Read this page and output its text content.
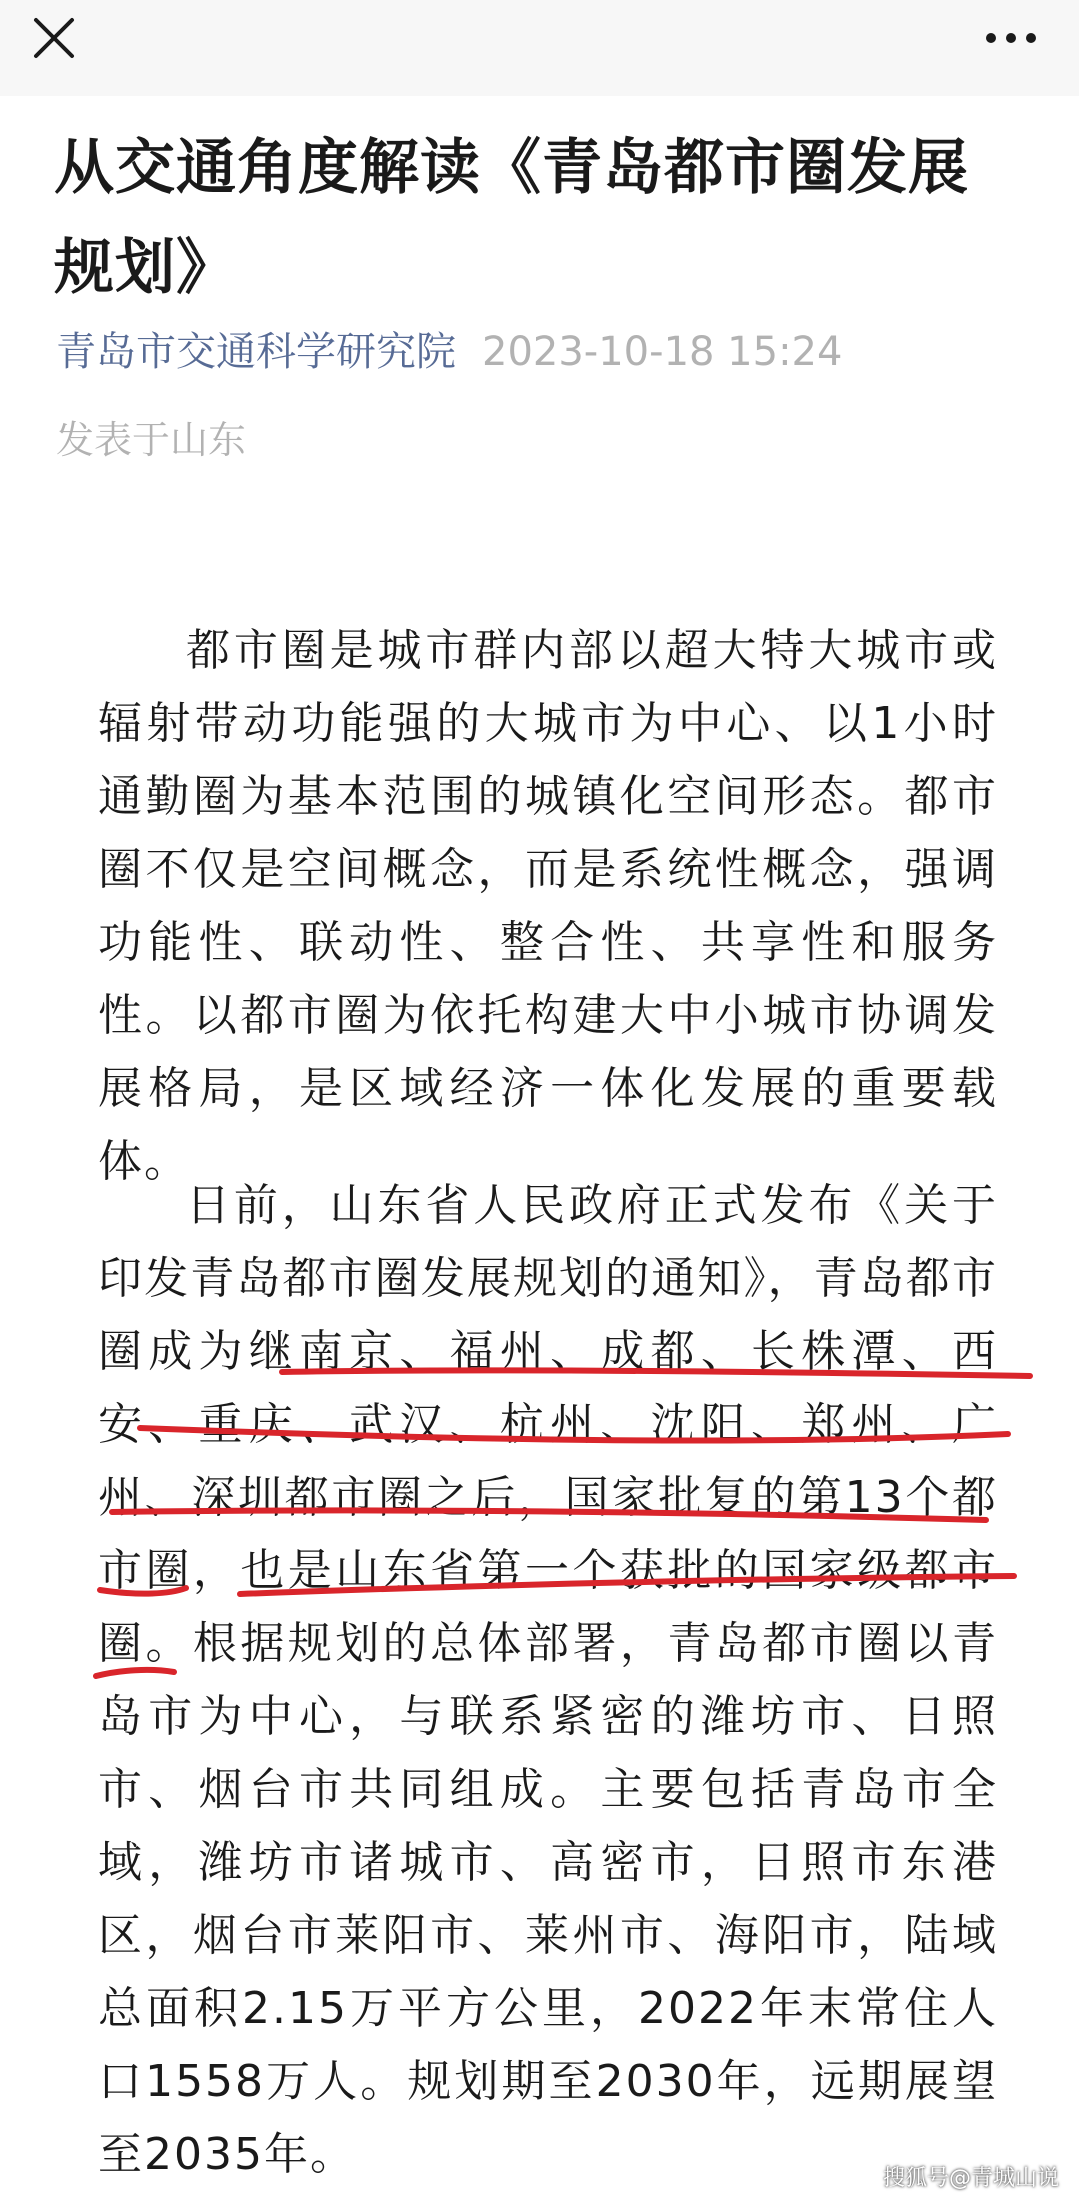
从交通角度解读《青岛都市圈发展规划》
青岛市交通科学研究院 2023-10-18 15:24
发表于山东

都市圈是城市群内部以超大特大城市或辐射带动功能强的大城市为中心、以1小时通勤圈为基本范围的城镇化空间形态。都市圈不仅是空间概念，而是系统性概念，强调功能性、联动性、整合性、共享性和服务性。以都市圈为依托构建大中小城市协调发展格局，是区域经济一体化发展的重要载体。

日前，山东省人民政府正式发布《关于印发青岛都市圈发展规划的通知》，青岛都市圈成为继南京、福州、成都、长株潭、西安、重庆、武汉、杭州、沈阳、郑州、广州、深圳都市圈之后，国家批复的第13个都市圈，也是山东省第一个获批的国家级都市圈。根据规划的总体部署，青岛都市圈以青岛市为中心，与联系紧密的潍坊市、日照市、烟台市共同组成。主要包括青岛市全域，潍坊市诸城市、高密市，日照市东港区，烟台市莱阳市、莱州市、海阳市，陆域总面积2.15万平方公里，2022年末常住人口1558万人。规划期至2030年，远期展望至2035年。	搜狐号@青城山说
